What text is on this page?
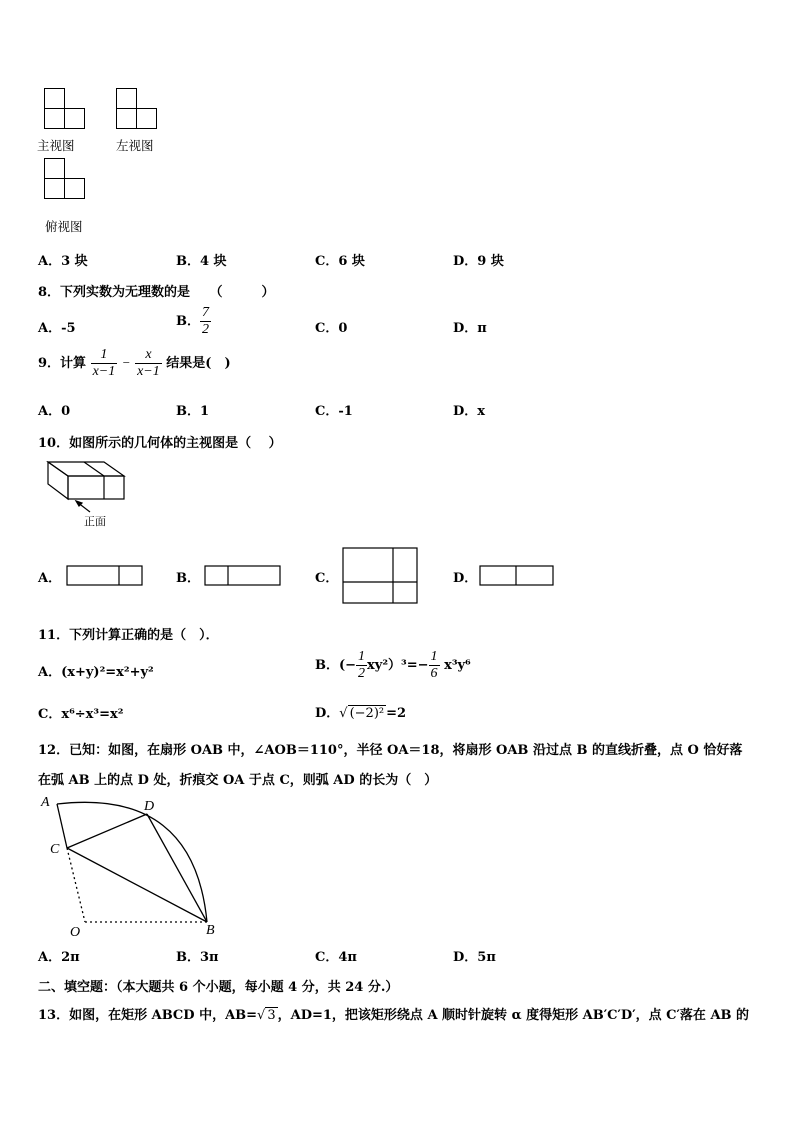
主视图	左视图
俯视图
A．3 块	B．4 块	C．6 块	D．9 块
8．下列实数为无理数的是　　（　　　）
A．-5	B． $\frac{7}{2}$	C．0	D．π
9．计算 $\frac{1}{x-1} - \frac{x}{x-1}$ 结果是(　)
A．0	B．1	C．-1	D．x
10．如图所示的几何体的主视图是（　 ）
正面
A．	B．	C．	D．
11．下列计算正确的是（　）．
A．(x+y)²=x²+y²	B．(− $\frac{1}{2} xy^2)^3=- \frac{1}{6} x^3y^6$
C．x⁶÷x³=x²	D．√ (−2)² =2
12．已知：如图，在扇形 OAB 中，∠AOB＝110°，半径 OA＝18，将扇形 OAB 沿过点 B 的直线折叠，点 O 恰好落
在弧 AB 上的点 D 处，折痕交 OA 于点 C，则弧 AD 的长为（　）
A	D
C
O	B
A．2π	B．3π	C．4π	D．5π
二、填空题：（本大题共 6 个小题，每小题 4 分，共 24 分.）
13．如图，在矩形 ABCD 中，AB=√ 3 ，AD=1，把该矩形绕点 A 顺时针旋转 α 度得矩形 AB′C′D′，点 C′落在 AB 的
